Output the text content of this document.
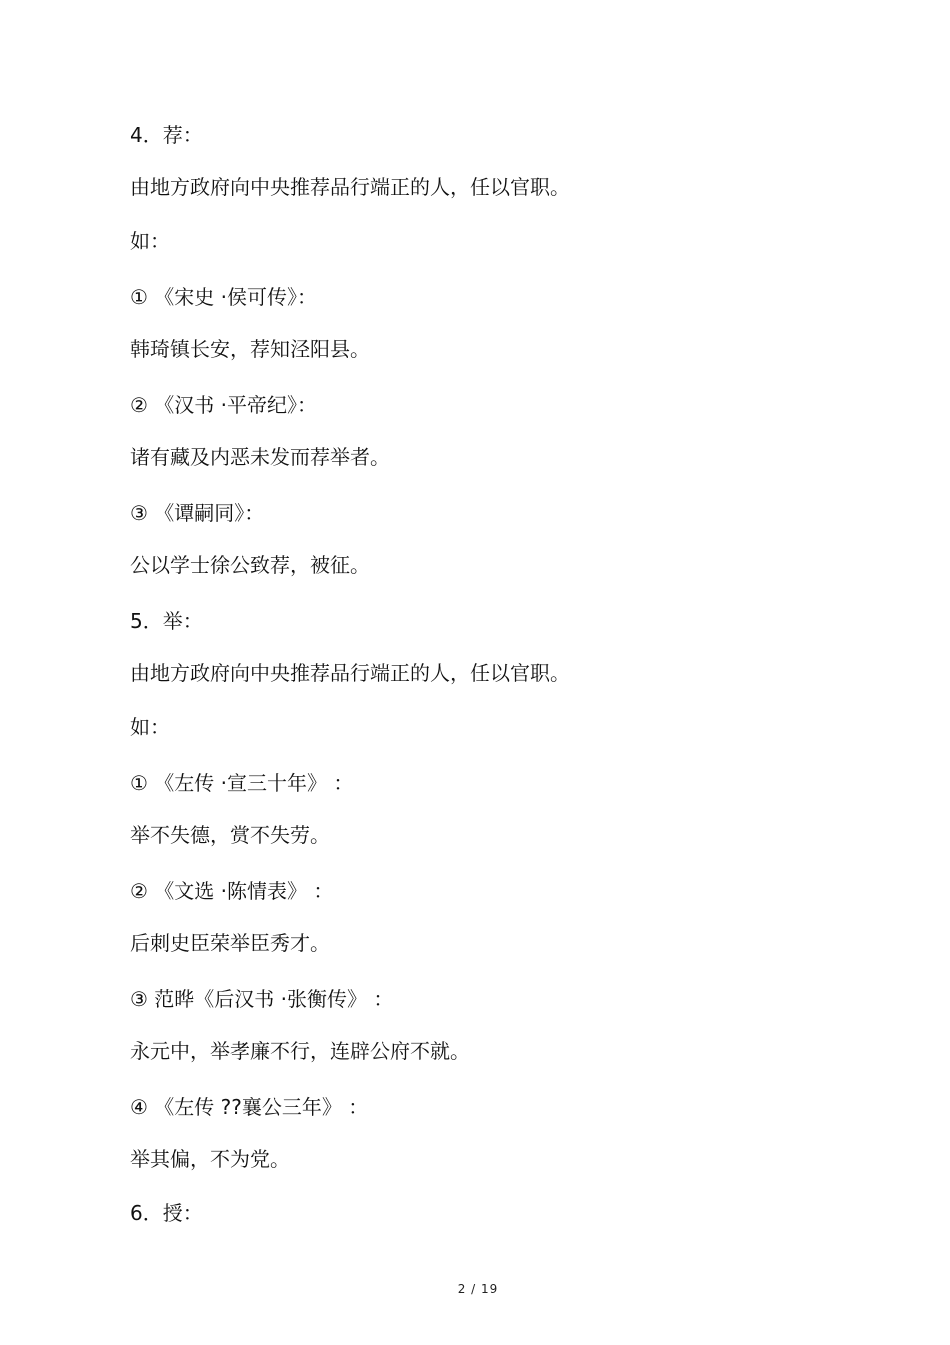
4．荐：
由地方政府向中央推荐品行端正的人，任以官职。
如：
① 《宋史 ·侯可传》：
韩琦镇长安，荐知泾阳县。
② 《汉书 ·平帝纪》：
诸有藏及内恶未发而荐举者。
③ 《谭嗣同》：
公以学士徐公致荐，被征。
5．举：
由地方政府向中央推荐品行端正的人，任以官职。
如：
① 《左传 ·宣三十年》 ：
举不失德，赏不失劳。
② 《文选 ·陈情表》 ：
后刺史臣荣举臣秀才。
③ 范晔《后汉书 ·张衡传》 ：
永元中，举孝廉不行，连辟公府不就。
④ 《左传 ??襄公三年》 ：
举其偏，不为党。
6．授：
2 / 19
